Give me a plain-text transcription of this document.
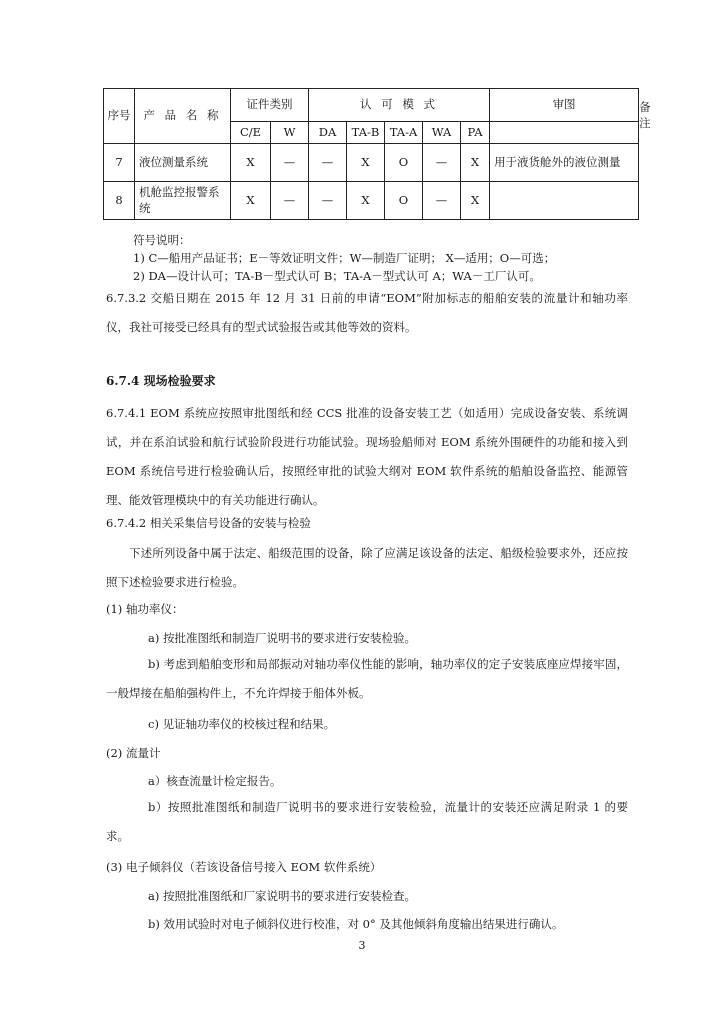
序号	产 品 名 称	证件类别		认 可 模 式					审图	备 注
		C/E	W	DA	TA-B	TA-A	WA	PA		
7	液位测量系统	X	—	—	X	O	—	X	用于液货舱外的液位测量	
8	机舱监控报警系统	X	—	—	X	O	—	X		
符号说明：
1) C—船用产品证书；E－等效证明文件；W—制造厂证明； X—适用；O—可选；
2) DA—设计认可；TA-B－型式认可 B；TA-A－型式认可 A；WA－工厂认可。
6.7.3.2 交船日期在 2015 年 12 月 31 日前的申请“EOM”附加标志的船舶安装的流量计和轴功率仪，我社可接受已经具有的型式试验报告或其他等效的资料。
6.7.4 现场检验要求
6.7.4.1 EOM 系统应按照审批图纸和经 CCS 批准的设备安装工艺（如适用）完成设备安装、系统调试，并在系泊试验和航行试验阶段进行功能试验。现场验船师对 EOM 系统外围硬件的功能和接入到 EOM 系统信号进行检验确认后，按照经审批的试验大纲对 EOM 软件系统的船舶设备监控、能源管理、能效管理模块中的有关功能进行确认。
6.7.4.2 相关采集信号设备的安装与检验
下述所列设备中属于法定、船级范围的设备，除了应满足该设备的法定、船级检验要求外，还应按照下述检验要求进行检验。
(1) 轴功率仪：
a) 按批准图纸和制造厂说明书的要求进行安装检验。
b) 考虑到船舶变形和局部振动对轴功率仪性能的影响，轴功率仪的定子安装底座应焊接牢固，一般焊接在船舶强构件上，不允许焊接于船体外板。
c) 见证轴功率仪的校核过程和结果。
(2) 流量计
a）核查流量计检定报告。
b）按照批准图纸和制造厂说明书的要求进行安装检验，流量计的安装还应满足附录 1 的要求。
(3) 电子倾斜仪（若该设备信号接入 EOM 软件系统）
a) 按照批准图纸和厂家说明书的要求进行安装检查。
b) 效用试验时对电子倾斜仪进行校准，对 0° 及其他倾斜角度输出结果进行确认。
3
